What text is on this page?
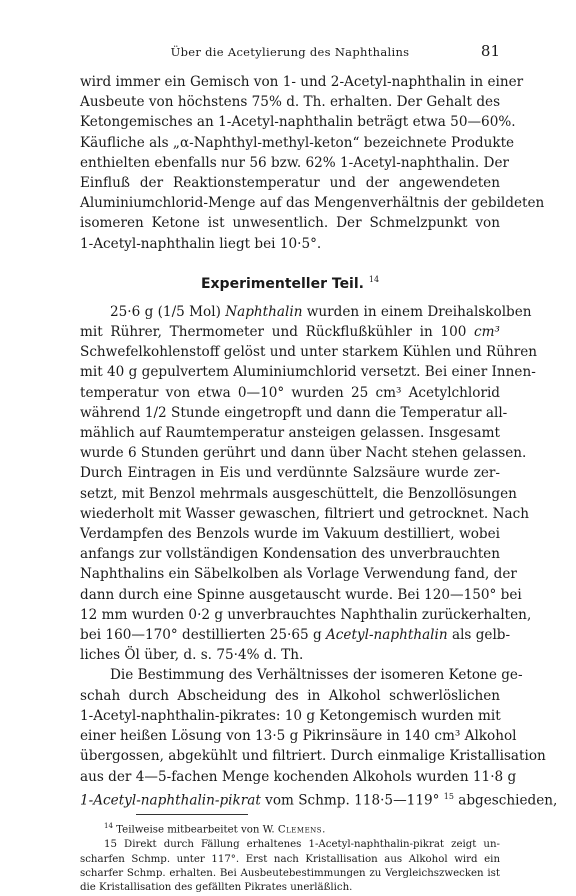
Über die Acetylierung des Naphthalins	81
wird immer ein Gemisch von 1- und 2-Acetyl-naphthalin in einer
Ausbeute von höchstens 75% d. Th. erhalten. Der Gehalt des
Ketongemisches an 1-Acetyl-naphthalin beträgt etwa 50—60%.
Käufliche als „α-Naphthyl-methyl-keton“ bezeichnete Produkte
enthielten ebenfalls nur 56 bzw. 62% 1-Acetyl-naphthalin. Der
Einfluß der Reaktionstemperatur und der angewendeten
Aluminiumchlorid-Menge auf das Mengenverhältnis der gebildeten
isomeren Ketone ist unwesentlich. Der Schmelzpunkt von
1-Acetyl-naphthalin liegt bei 10·5°.
Experimenteller Teil. $^{14}$
25·6 g (1/5 Mol) Naphthalin wurden in einem Dreihalskolben
mit Rührer, Thermometer und Rückflußkühler in 100 cm³
Schwefelkohlenstoff gelöst und unter starkem Kühlen und Rühren
mit 40 g gepulvertem Aluminiumchlorid versetzt. Bei einer Innen-
temperatur von etwa 0—10° wurden 25 cm³ Acetylchlorid
während 1/2 Stunde eingetropft und dann die Temperatur all-
mählich auf Raumtemperatur ansteigen gelassen. Insgesamt
wurde 6 Stunden gerührt und dann über Nacht stehen gelassen.
Durch Eintragen in Eis und verdünnte Salzsäure wurde zer-
setzt, mit Benzol mehrmals ausgeschüttelt, die Benzollösungen
wiederholt mit Wasser gewaschen, filtriert und getrocknet. Nach
Verdampfen des Benzols wurde im Vakuum destilliert, wobei
anfangs zur vollständigen Kondensation des unverbrauchten
Naphthalins ein Säbelkolben als Vorlage Verwendung fand, der
dann durch eine Spinne ausgetauscht wurde. Bei 120—150° bei
12 mm wurden 0·2 g unverbrauchtes Naphthalin zurückerhalten,
bei 160—170° destillierten 25·65 g Acetyl-naphthalin als gelb-
liches Öl über, d. s. 75·4% d. Th.
Die Bestimmung des Verhältnisses der isomeren Ketone ge-
schah durch Abscheidung des in Alkohol schwerlöslichen
1-Acetyl-naphthalin-pikrates: 10 g Ketongemisch wurden mit
einer heißen Lösung von 13·5 g Pikrinsäure in 140 cm³ Alkohol
übergossen, abgekühlt und filtriert. Durch einmalige Kristallisation
aus der 4—5-fachen Menge kochenden Alkohols wurden 11·8 g
1-Acetyl-naphthalin-pikrat vom Schmp. 118·5—119° $^{15}$ abgeschieden,
$^{14}$ Teilweise mitbearbeitet von W. Clemens.
15 Direkt durch Fällung erhaltenes 1-Acetyl-naphthalin-pikrat zeigt un-
scharfen Schmp. unter 117°. Erst nach Kristallisation aus Alkohol wird ein
scharfer Schmp. erhalten. Bei Ausbeutebestimmungen zu Vergleichszwecken ist
die Kristallisation des gefällten Pikrates unerläßlich.
